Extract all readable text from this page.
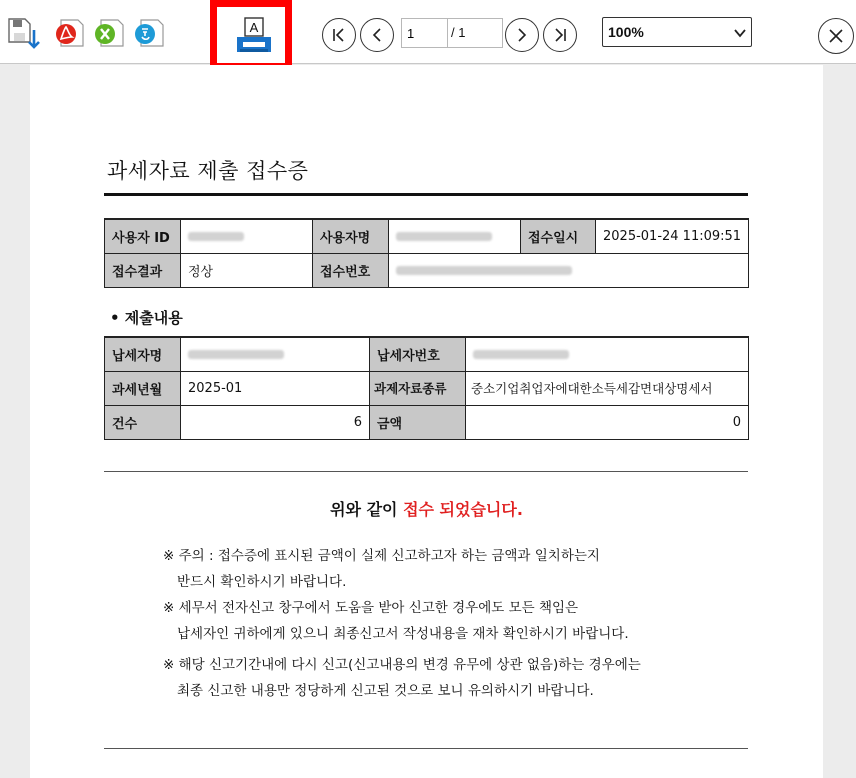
A
1	/ 1	100%
과세자료 제출 접수증
사용자 ID		사용자명		접수일시	2025-01-24 11:09:51
접수결과	정상	접수번호			
• 제출내용
납세자명		납세자번호	
과세년월	2025-01	과제자료종류	중소기업취업자에대한소득세감면대상명세서
건수	6	금액	0
위와 같이 접수 되었습니다.
※ 주의 : 접수증에 표시된 금액이 실제 신고하고자 하는 금액과 일치하는지
반드시 확인하시기 바랍니다.
※ 세무서 전자신고 창구에서 도움을 받아 신고한 경우에도 모든 책임은
납세자인 귀하에게 있으니 최종신고서 작성내용을 재차 확인하시기 바랍니다.
※ 해당 신고기간내에 다시 신고(신고내용의 변경 유무에 상관 없음)하는 경우에는
최종 신고한 내용만 정당하게 신고된 것으로 보니 유의하시기 바랍니다.
